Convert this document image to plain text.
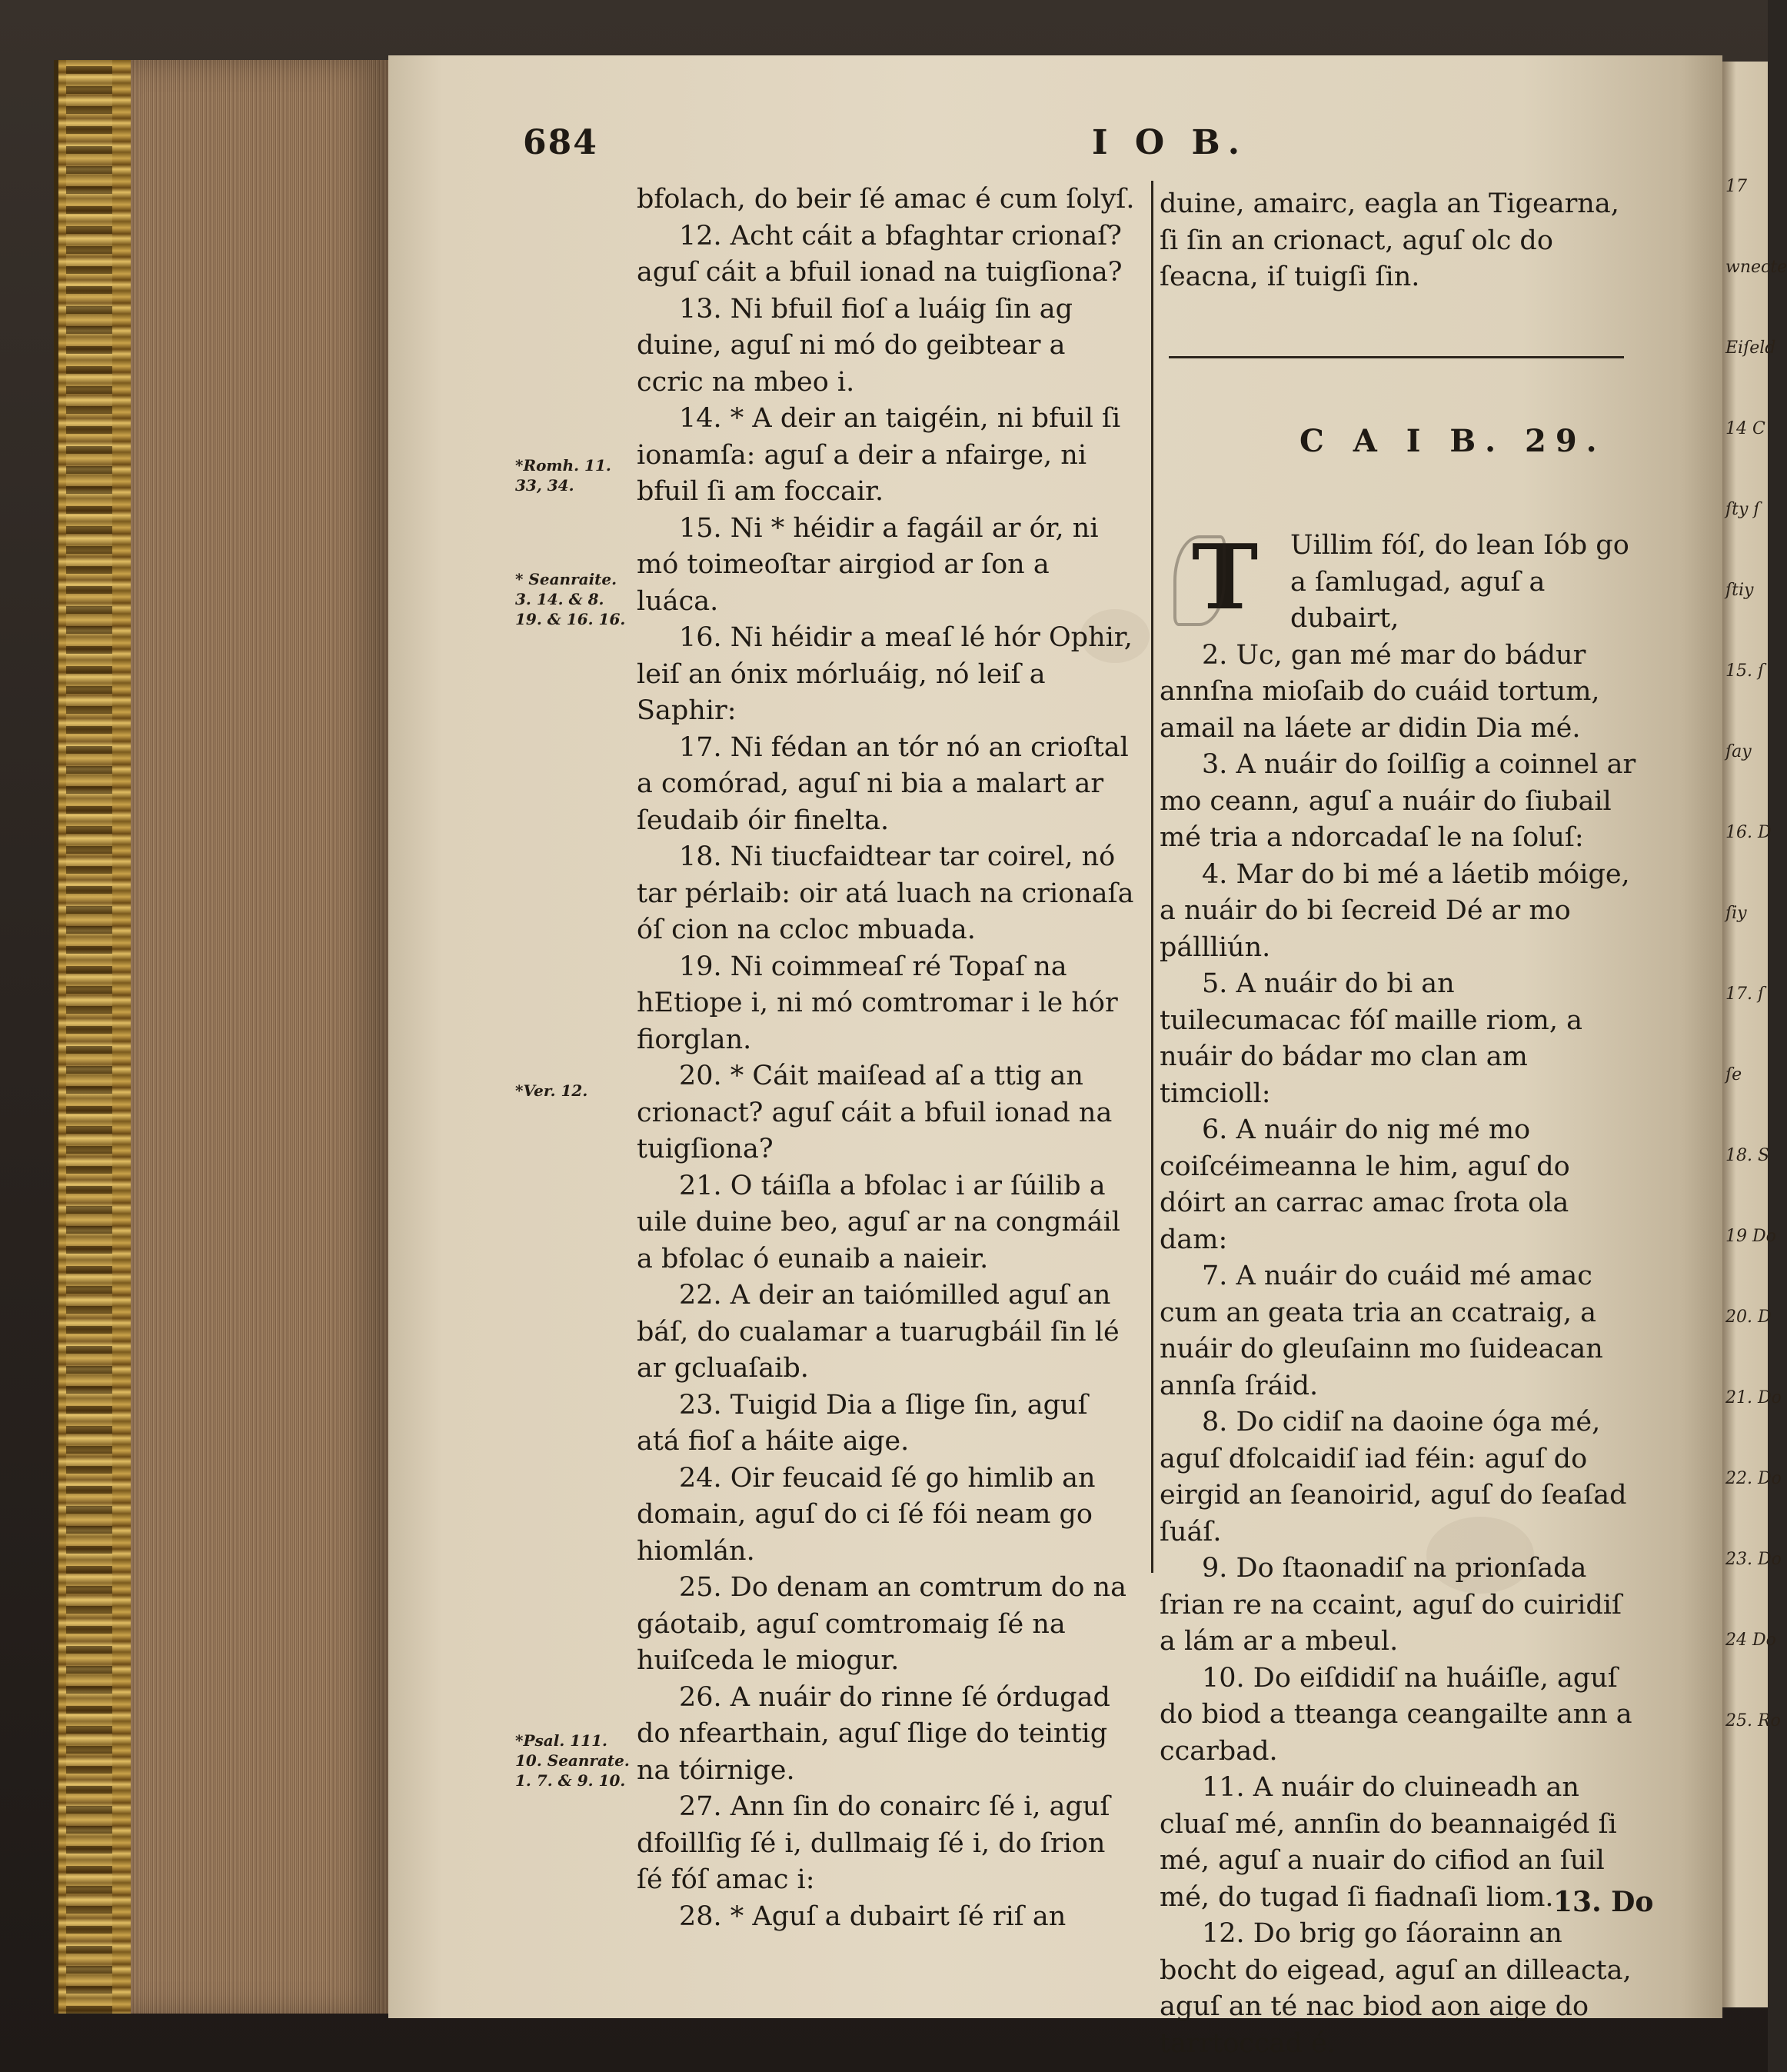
17
wnecte
Eiſeld
14 C
ſty ſ
ſtiy
15. ſ
ſay
16. D
ſiy
17. ſ
ſe
18. S
19 Do
20. D
21. Do
22. Do
23. Do
24 Do
25. Ro
684	I O B.
*Romh. 11. 33, 34.
* Seanraite. 3. 14. & 8. 19. & 16. 16.
*Ver. 12.
*Psal. 111. 10. Seanrate. 1. 7. & 9. 10.

bfolach, do beir ſé amac é cum ſolyſ.

12. Acht cáit a bfaghtar crionaſ? aguſ cáit a bfuil ionad na tuigſiona?

13. Ni bfuil fioſ a luáig ſin ag duine, aguſ ni mó do geibtear a ccric na mbeo i.

14. * A deir an taigéin, ni bfuil ſi ionamſa: aguſ a deir a nfairge, ni bfuil ſi am foccair.

15. Ni * héidir a fagáil ar ór, ni mó toimeoſtar airgiod ar ſon a luáca.

16. Ni héidir a meaſ lé hór Ophir, leiſ an ónix mórluáig, nó leiſ a Saphir:

17. Ni fédan an tór nó an crioſtal a comórad, aguſ ni bia a malart ar ſeudaib óir finelta.

18. Ni tiucfaidtear tar coirel, nó tar pérlaib: oir atá luach na crionaſa óſ cion na ccloc mbuada.

19. Ni coimmeaſ ré Topaſ na hEtiope i, ni mó comtromar i le hór fiorglan.

20. * Cáit maiſead aſ a ttig an crionact? aguſ cáit a bfuil ionad na tuigſiona?

21. O táiſla a bfolac i ar ſúilib a uile duine beo, aguſ ar na congmáil a bfolac ó eunaib a naieir.

22. A deir an taiómilled aguſ an báſ, do cualamar a tuarugbáil ſin lé ar gcluaſaib.

23. Tuigid Dia a ſlige ſin, aguſ atá fioſ a háite aige.

24. Oir feucaid ſé go himlib an domain, aguſ do ci ſé fói neam go hiomlán.

25. Do denam an comtrum do na gáotaib, aguſ comtromaig ſé na huiſceda le miogur.

26. A nuáir do rinne ſé órdugad do nfearthain, aguſ ſlige do teintig na tóirnige.

27. Ann ſin do conairc ſé i, aguſ dfoillſig ſé i, dullmaig ſé i, do ſrion ſé fóſ amac i:

28. * Aguſ a dubairt ſé riſ an

duine, amairc, eagla an Tigearna, ſi ſin an crionact, aguſ olc do ſeacna, iſ tuigſi ſin.

C A I B. 29.
T	Uillim fóſ, do lean Iób go a ſamlugad, aguſ a dubairt,

2. Uc, gan mé mar do bádur annſna mioſaib do cuáid tortum, amail na láete ar didin Dia mé.

3. A nuáir do ſoilſig a coinnel ar mo ceann, aguſ a nuáir do ſiubail mé tria a ndorcadaſ le na ſoluſ:

4. Mar do bi mé a láetib móige, a nuáir do bi ſecreid Dé ar mo pállliún.

5. A nuáir do bi an tuilecumacac fóſ maille riom, a nuáir do bádar mo clan am timcioll:

6. A nuáir do nig mé mo coiſcéimeanna le him, aguſ do dóirt an carrac amac ſrota ola dam:

7. A nuáir do cuáid mé amac cum an geata tria an ccatraig, a nuáir do gleuſainn mo ſuideacan annſa ſráid.

8. Do cidiſ na daoine óga mé, aguſ dfolcaidiſ iad féin: aguſ do eirgid an ſeanoirid, aguſ do ſeaſad ſuáſ.

9. Do ſtaonadiſ na prionſada ſrian re na ccaint, aguſ do cuiridiſ a lám ar a mbeul.

10. Do eiſdidiſ na huáiſle, aguſ do biod a tteanga ceangailte ann a ccarbad.

11. A nuáir do cluineadh an cluaſ mé, annſin do beannaigéd ſi mé, aguſ a nuair do cifiod an ſuil mé, do tugad ſi fiadnaſi liom.

12. Do brig go ſáorainn an bocht do eigead, aguſ an dilleacta, aguſ an té nac biod aon aige do tarrtoccad é.

13. Do
